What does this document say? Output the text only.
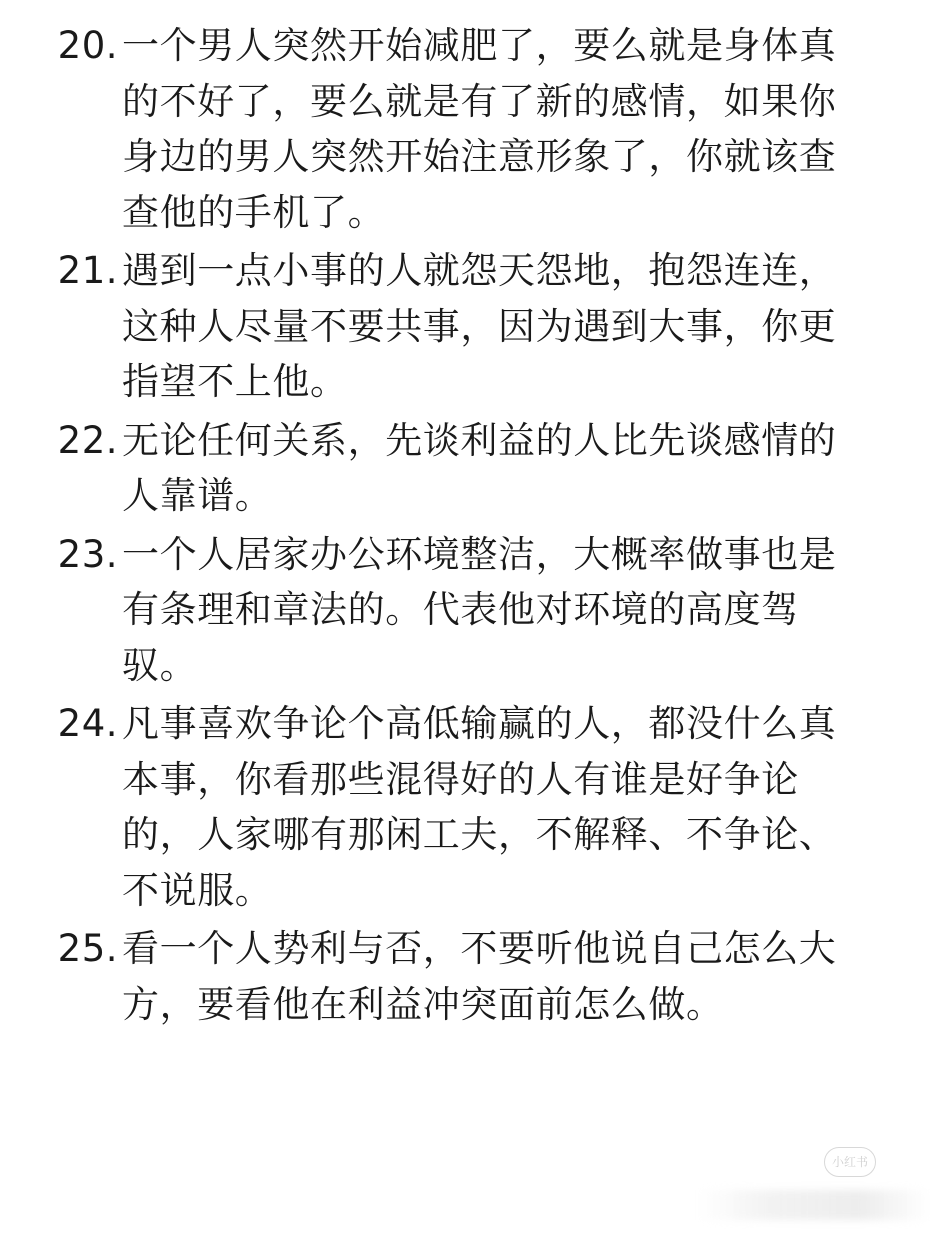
20. 一个男人突然开始减肥了，要么就是身体真的不好了，要么就是有了新的感情，如果你身边的男人突然开始注意形象了，你就该查查他的手机了。
21. 遇到一点小事的人就怨天怨地，抱怨连连，这种人尽量不要共事，因为遇到大事，你更指望不上他。
22. 无论任何关系，先谈利益的人比先谈感情的人靠谱。
23. 一个人居家办公环境整洁，大概率做事也是有条理和章法的。代表他对环境的高度驾驭。
24. 凡事喜欢争论个高低输赢的人，都没什么真本事，你看那些混得好的人有谁是好争论的，人家哪有那闲工夫，不解释、不争论、不说服。
25. 看一个人势利与否，不要听他说自己怎么大方，要看他在利益冲突面前怎么做。
小红书
